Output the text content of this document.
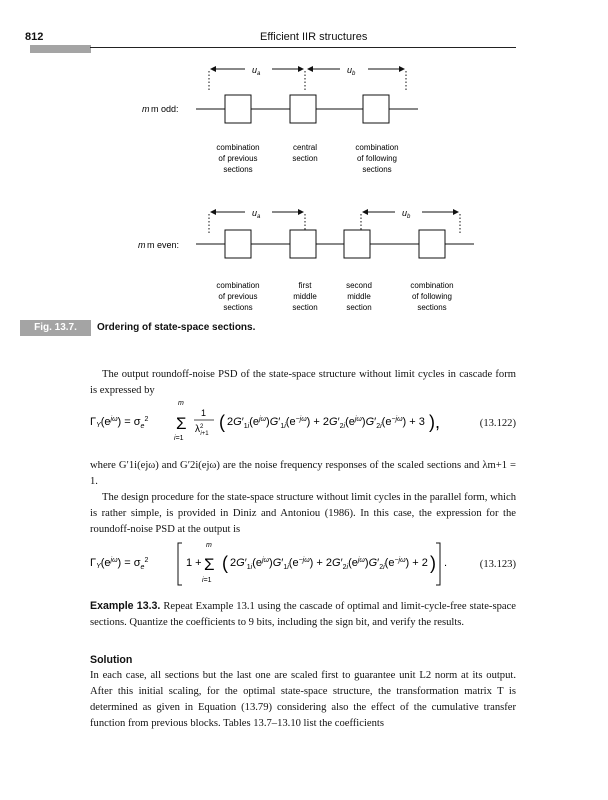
812	Efficient IIR structures
$u_a$	$u_b$
m m odd:
combination
of previous
sections
central
section
combination
of following
sections
$u_a$	$u_b$
m m even:
combination
of previous
sections
first
middle
section
second
middle
section
combination
of following
sections
Fig. 13.7.	Ordering of state-space sections.
The output roundoff-noise PSD of the state-space structure without limit cycles in cascade form is expressed by
$\Gamma Y(e^{j\omega}) = \sigma_e^2$ Σ
m
i=1
1
$\lambda^2$ i+1
( $2G'_{1i}(e^{j\omega})G'_{1i}(e^{-j\omega}) + 2G'_{2i}(e^{j\omega})G'_{2i}(e^{-j\omega}) + 3$ ),	(13.122)
where G′1i(ejω) and G′2i(ejω) are the noise frequency responses of the scaled sections and λm+1 = 1.
The design procedure for the state-space structure without limit cycles in the parallel form, which is rather simple, is provided in Diniz and Antoniou (1986). In this case, the expression for the roundoff-noise PSD at the output is
$\Gamma Y(e^{j\omega}) = \sigma_e^2$	1 + Σ
m
i=1
( $2G'_{1i}(e^{j\omega})G'_{1i}(e^{-j\omega}) + 2G'_{2i}(e^{j\omega})G'_{2i}(e^{-j\omega}) + 2$ ) .	(13.123)
Example 13.3. Repeat Example 13.1 using the cascade of optimal and limit-cycle-free state-space sections. Quantize the coefficients to 9 bits, including the sign bit, and verify the results.
Solution
In each case, all sections but the last one are scaled first to guarantee unit L2 norm at its output. After this initial scaling, for the optimal state-space structure, the transformation matrix T is determined as given in Equation (13.79) considering also the effect of the cumulative transfer function from previous blocks. Tables 13.7–13.10 list the coefficients
